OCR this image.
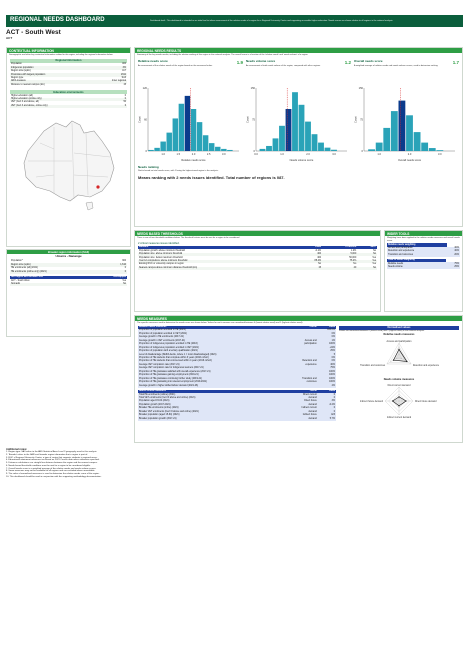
REGIONAL NEEDS DASHBOARD	Dashboard draft - This dashboard is intended as an initial tool to inform assessment of the relative needs of a region for a Regional University Centre and supporting accessible higher education. Needs scores are shown relative to all regions in the national analysis.
ACT - South West
ACT
CONTEXTUAL INFORMATION
Demographic and other key contextual information related to this region, including the regional information below.
Regional information
Population	400
Indigenous population	3%
Region size (sqkm)	417
Postcodes with largest population	2611
Region type	SA3
ARIA measure	Inner regional
Distance to nearest campus (km)	15
Education environments
Higher education (all)	0
Higher education (online only)	0
VET (Cert 3 and above, all)	50
VET (Cert 3 and above, online only)	6
Broader region information (SA3)
Umarra - Nanangu
Population*	300
Region size (sqkm)	1,610
HE enrolments (all) (2021)	0
HE enrolments (online only) (2021)	0
SA3 region with Broader SA3	Overlapped
ACT - South West	Yes
Nomadic	No
REGIONAL NEEDS RESULTS
Summary of the key needs results, including the relative ranking of this region in the national analysis. The overall score is a function of the 'relative needs' and 'needs volume' of a region.
Relative needs score	1.9
An assessment of the relative needs of the region based on the measures below.
1.0	1.5	2.0	2.5	3.0
0
60
120
Relative needs score
Count
Needs volume score	1.2
An assessment of total needs volume of the region, compared with other regions.
0.0	1.0	2.0	3.0
0
75
150
Needs volume score
Count
Overall needs score	1.7
A weighted average of relative needs and needs volume scores, used to determine ranking.
1.0	2.0	3.0
0
75
150
Overall needs score
Count
Needs ranking
Ranks based on total needs score, with 1 being the highest-need region in the analysis.
Means ranking with 2 needs issues identified. Total number of regions is 087.
NEEDS BASED THRESHOLDS
There is one of two threshold conditions below. The threshold criteria must be met for a region to be considered.
2 critical measures issues identified.
Measure	Value	Threshold	Met?
Population growth: above minimum threshold	-0.2%	1.2%	No
Population size: above minimum threshold	400	5,000	No
Population size: below maximum threshold	400	50,000	Yes
Year 12 completions: above minimum threshold	85.4%	75.4%	Yes
Existing RUC or university campus in region	No	No	Yes
Nearest campus above minimum distance threshold (km)	15	40	No
WIDER TOOLS
Weighting have been applied to the relative needs measures and overall needs score.
Relative needs weighting	
Access and participation	40%
Retention and experience	40%
Transition and outcomes	20%
Total of needs weighting	
Relative needs	75%
Needs volume	25%
NEEDS MEASURES
The specific measures used to determine the needs score are shown below. Values for each measure are normalised between 0 (lowest relative need) and 1 (highest relative need).
Relative needs measures	Theme	Value
Proportion of population enrolled in HE (2021)		100.0%
Proportion of population enrolled in VET (2021)		0%
Average growth in HE enrolments (2017-21)		0%
Average growth in VET enrolments (2017-21)	Access and	1%
Proportion of Indigenous population enrolled in HE (2016)	participation	100%
Proportion of Indigenous population enrolled in VET (2021)		-24%
Proportion of population with a tertiary qualification (2021)		25%
Level of disadvantage (SEIFA decile, where 1 = most disadvantaged) (2021)		5
Proportion of HE students that complete within 3 years (2016 cohort)		0%
Proportion of HE students that commenced within 4 years (2016 cohort)	Retention and	0%
Average VET completion rate (2017-21)	experience	40%
Average VET completion rate for Indigenous learners (2017-21)		75%
Proportion of HE graduates satisfied with overall experience (2017-21)		100%
Proportion of HE graduates gaining employment (2019-21)		100%
Proportion of HE graduates continuing further study (2019-21)	Transition and	100%
Proportion of HE graduating into relevant employment (2019-2021)	outcomes	100%
Average growth in higher skilled labour demand (2021-26)		4%
Needs volume measures	Theme	Value
Total HE enrolments (online) (2021)	Direct current	0
Total VET enrolments (Cert III above and online) (2021)	demand	0
Population aged 15-64 (2021)	Direct future	3%
Population growth (2017-2021)	demand	-0.2%
Broader HE enrolments (online) (2021)	Indirect current	0
Broader VET enrolments (Cert III above and online) (2021)	demand	0
Broader population (aged 15-64) (2021)	Indirect future	423
Broader population growth (2017-21)	demand	5.7%
Normalised values
Values are normalised between 0 (lowest need) and 1 (highest need) in the national analysis.
Relative needs measures
Access and participation
Retention and experience
Transition and outcomes
Needs volume measures
Direct current demand
Direct future demand
Indirect current demand
Indirect future demand
Additional notes:
1. Region type: SA3 refers to the ABS Statistical Area Level 3 geography used in this analysis.
2. 'Broader' refers to the SA3 level broader region information that a region is part of.
3. RUC = Regional University Centre, a type of centre that supports students in regional areas.
4. Educational attainment measures are based on 2021 Census data unless otherwise specified.
5. Distance calculations use straight line distance between the region and the nearest campus.
6. Needs based threshold conditions must be met for a region to be considered eligible.
7. Overall needs score is a weighted average of the relative needs and needs volume scores.
8. Some measures may not be available for all regions and are excluded where unavailable.
9. The value of normalised measures is used to determine the relative needs score of the region.
10. This dashboard should be read in conjunction with the supporting methodology documentation.
